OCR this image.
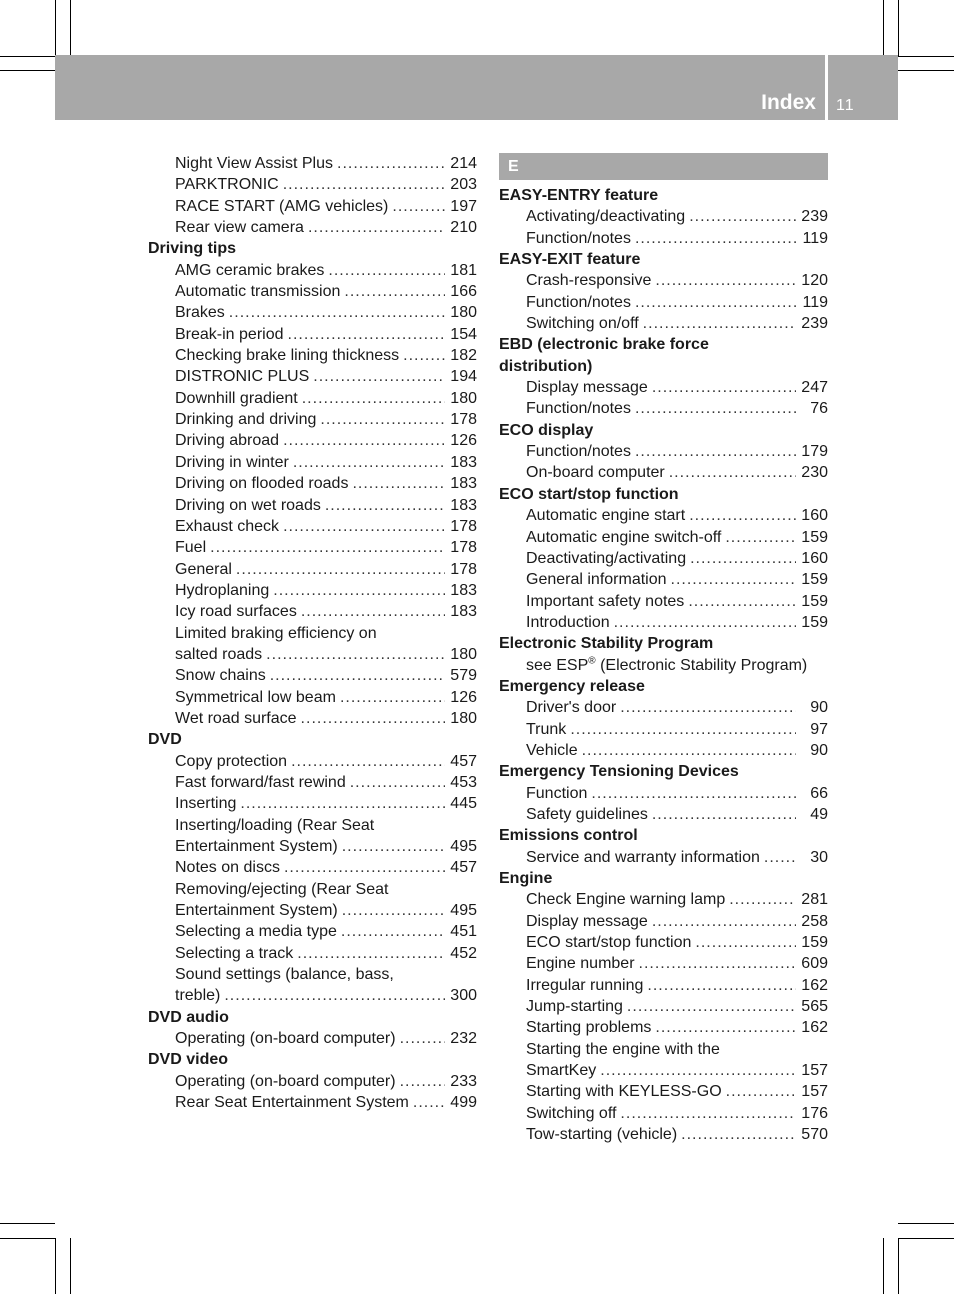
Index 11
Night View Assist Plus .....	214
PARKTRONIC .....	203
RACE START (AMG vehicles) .....	197
Rear view camera .....	210
Driving tips
AMG ceramic brakes .....	181
Automatic transmission .....	166
Brakes .....	180
Break-in period .....	154
Checking brake lining thickness .....	182
DISTRONIC PLUS .....	194
Downhill gradient .....	180
Drinking and driving .....	178
Driving abroad .....	126
Driving in winter .....	183
Driving on flooded roads .....	183
Driving on wet roads .....	183
Exhaust check .....	178
Fuel .....	178
General .....	178
Hydroplaning .....	183
Icy road surfaces .....	183
Limited braking efficiency on
salted roads .....	180
Snow chains .....	579
Symmetrical low beam .....	126
Wet road surface .....	180
DVD
Copy protection .....	457
Fast forward/fast rewind .....	453
Inserting .....	445
Inserting/loading (Rear Seat
Entertainment System) .....	495
Notes on discs .....	457
Removing/ejecting (Rear Seat
Entertainment System) .....	495
Selecting a media type .....	451
Selecting a track .....	452
Sound settings (balance, bass,
treble) .....	300
DVD audio
Operating (on-board computer) .....	232
DVD video
Operating (on-board computer) .....	233
Rear Seat Entertainment System .....	499
E
EASY-ENTRY feature
Activating/deactivating .....	239
Function/notes .....	119
EASY-EXIT feature
Crash-responsive .....	120
Function/notes .....	119
Switching on/off .....	239
EBD (electronic brake force
distribution)
Display message .....	247
Function/notes .....	76
ECO display
Function/notes .....	179
On-board computer .....	230
ECO start/stop function
Automatic engine start .....	160
Automatic engine switch-off .....	159
Deactivating/activating .....	160
General information .....	159
Important safety notes .....	159
Introduction .....	159
Electronic Stability Program
see ESP® (Electronic Stability Program)
Emergency release
Driver's door .....	90
Trunk .....	97
Vehicle .....	90
Emergency Tensioning Devices
Function .....	66
Safety guidelines .....	49
Emissions control
Service and warranty information .....	30
Engine
Check Engine warning lamp .....	281
Display message .....	258
ECO start/stop function .....	159
Engine number .....	609
Irregular running .....	162
Jump-starting .....	565
Starting problems .....	162
Starting the engine with the
SmartKey .....	157
Starting with KEYLESS-GO .....	157
Switching off .....	176
Tow-starting (vehicle) .....	570
